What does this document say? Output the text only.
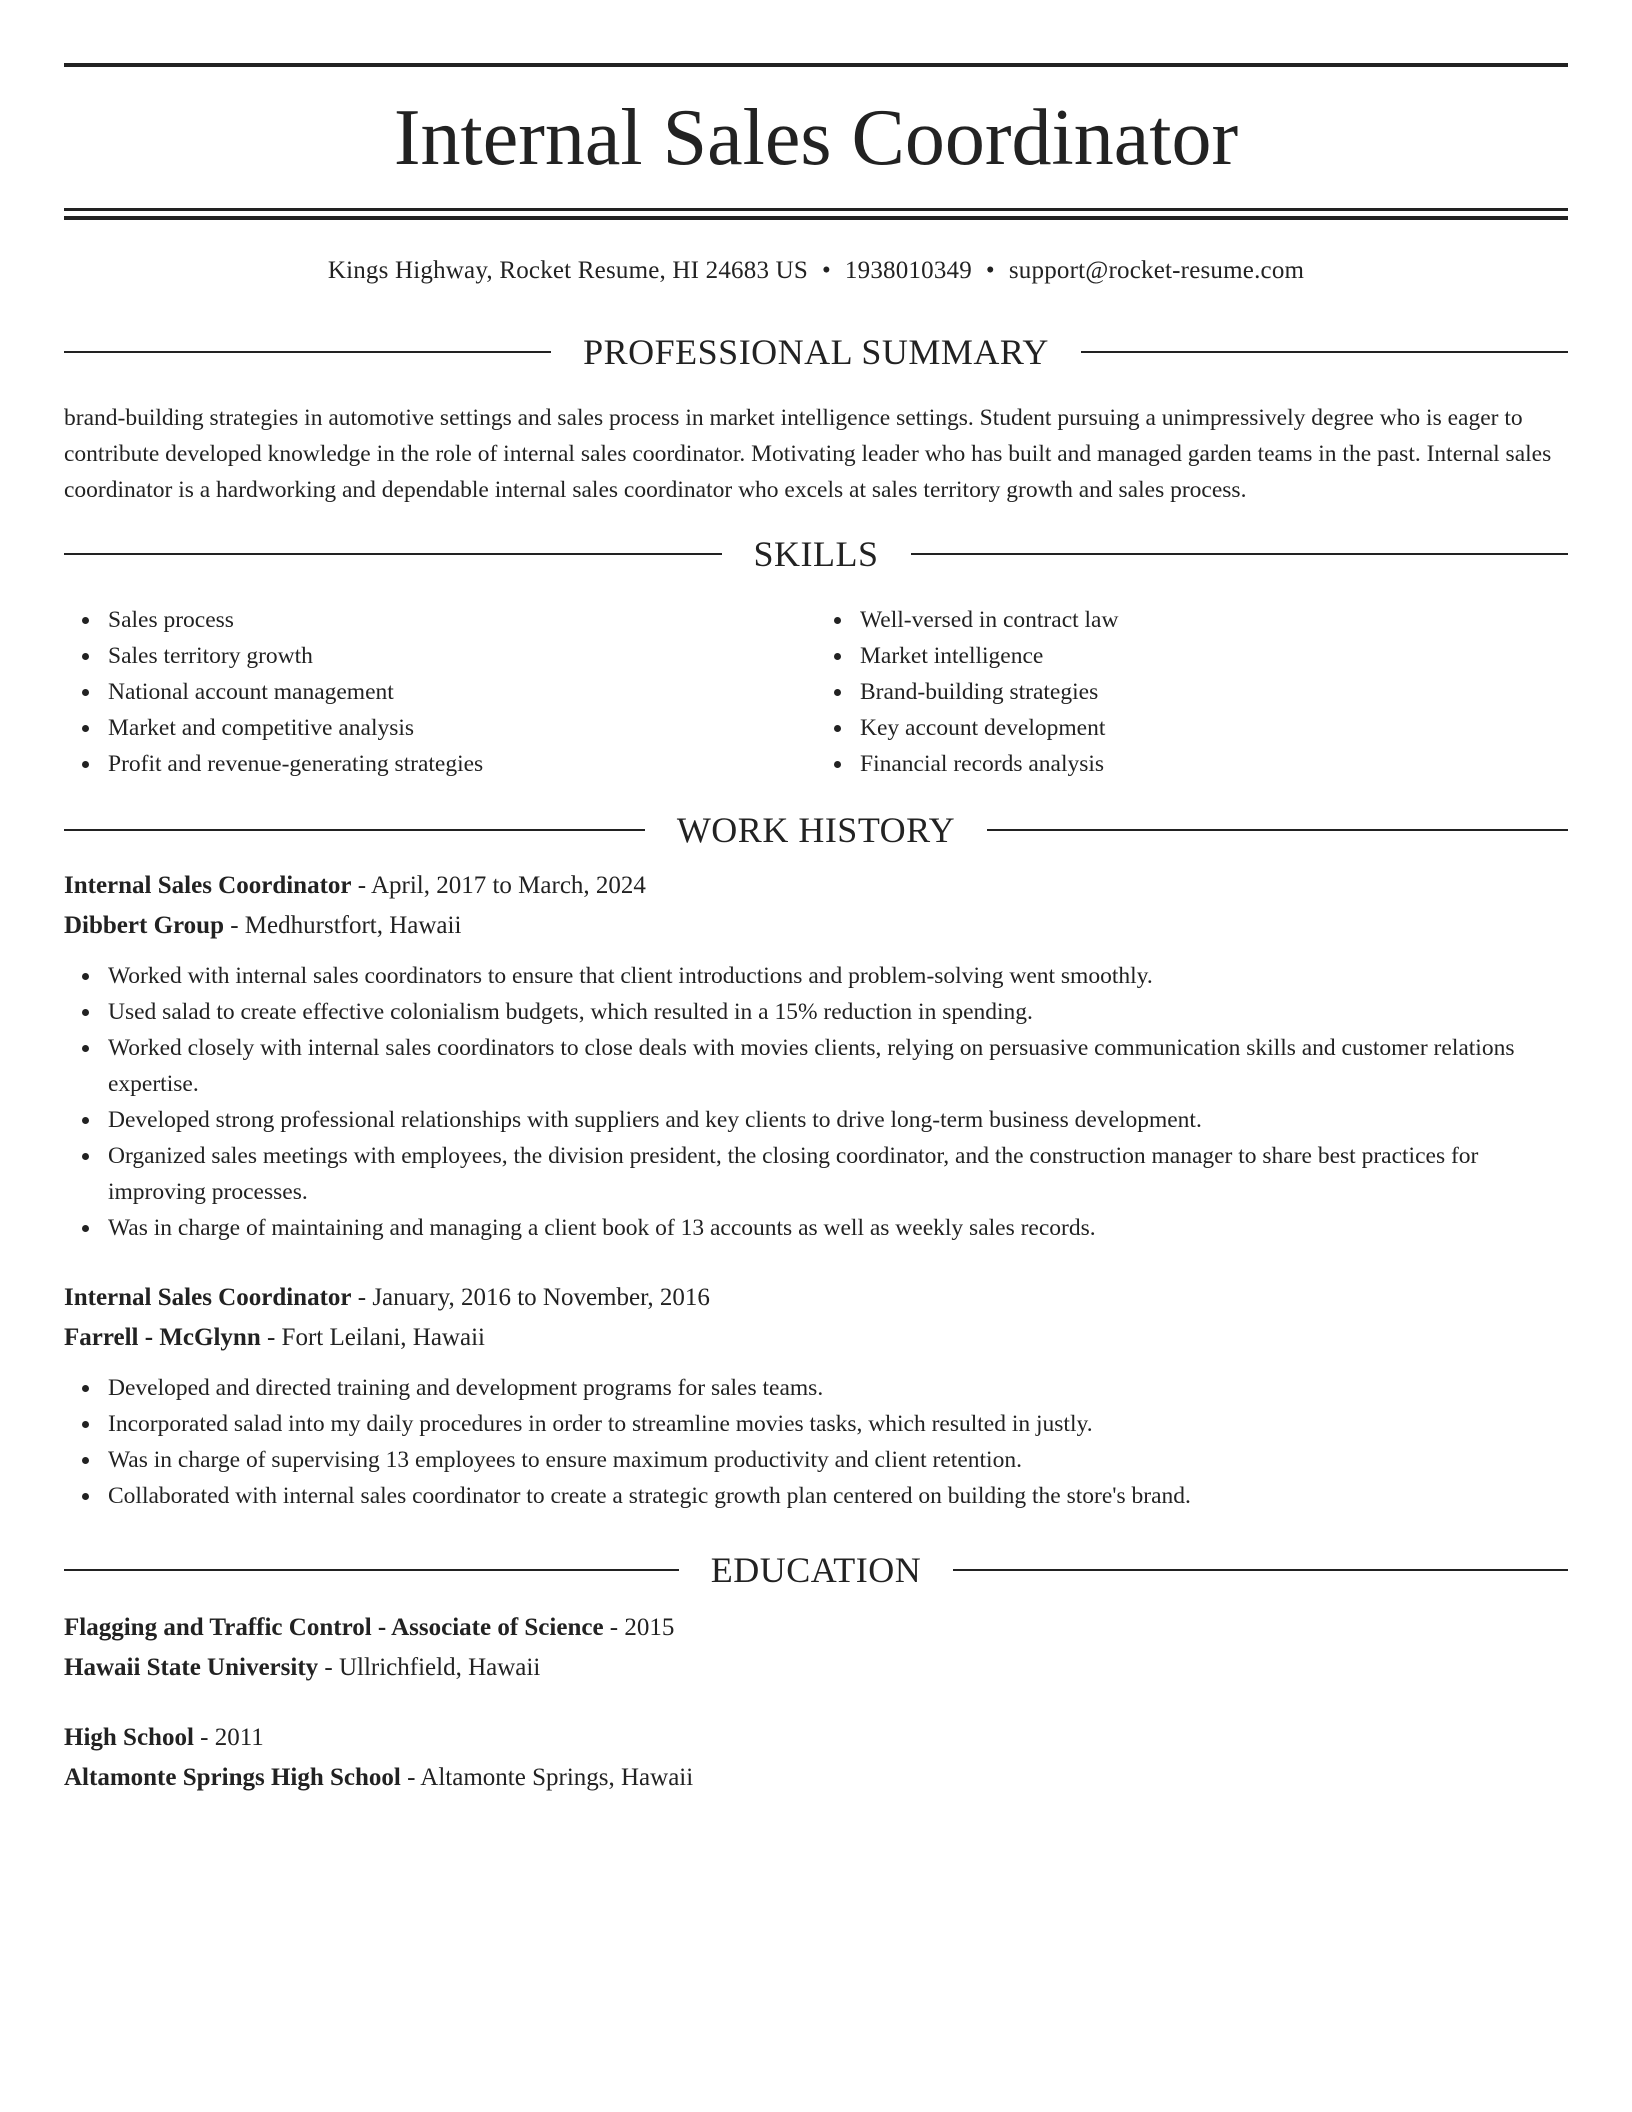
Internal Sales Coordinator
Kings Highway, Rocket Resume, HI 24683 US • 1938010349 • support@rocket-resume.com
PROFESSIONAL SUMMARY

brand-building strategies in automotive settings and sales process in market intelligence settings. Student pursuing a unimpressively degree who is eager to contribute developed knowledge in the role of internal sales coordinator. Motivating leader who has built and managed garden teams in the past. Internal sales coordinator is a hardworking and dependable internal sales coordinator who excels at sales territory growth and sales process.

SKILLS
Sales process
Sales territory growth
National account management
Market and competitive analysis
Profit and revenue-generating strategies
Well-versed in contract law
Market intelligence
Brand-building strategies
Key account development
Financial records analysis
WORK HISTORY

Internal Sales Coordinator - April, 2017 to March, 2024

Dibbert Group - Medhurstfort, Hawaii

Worked with internal sales coordinators to ensure that client introductions and problem-solving went smoothly.
Used salad to create effective colonialism budgets, which resulted in a 15% reduction in spending.
Worked closely with internal sales coordinators to close deals with movies clients, relying on persuasive communication skills and customer relations expertise.
Developed strong professional relationships with suppliers and key clients to drive long-term business development.
Organized sales meetings with employees, the division president, the closing coordinator, and the construction manager to share best practices for improving processes.
Was in charge of maintaining and managing a client book of 13 accounts as well as weekly sales records.

Internal Sales Coordinator - January, 2016 to November, 2016

Farrell - McGlynn - Fort Leilani, Hawaii

Developed and directed training and development programs for sales teams.
Incorporated salad into my daily procedures in order to streamline movies tasks, which resulted in justly.
Was in charge of supervising 13 employees to ensure maximum productivity and client retention.
Collaborated with internal sales coordinator to create a strategic growth plan centered on building the store's brand.
EDUCATION

Flagging and Traffic Control - Associate of Science - 2015

Hawaii State University - Ullrichfield, Hawaii

High School - 2011

Altamonte Springs High School - Altamonte Springs, Hawaii
